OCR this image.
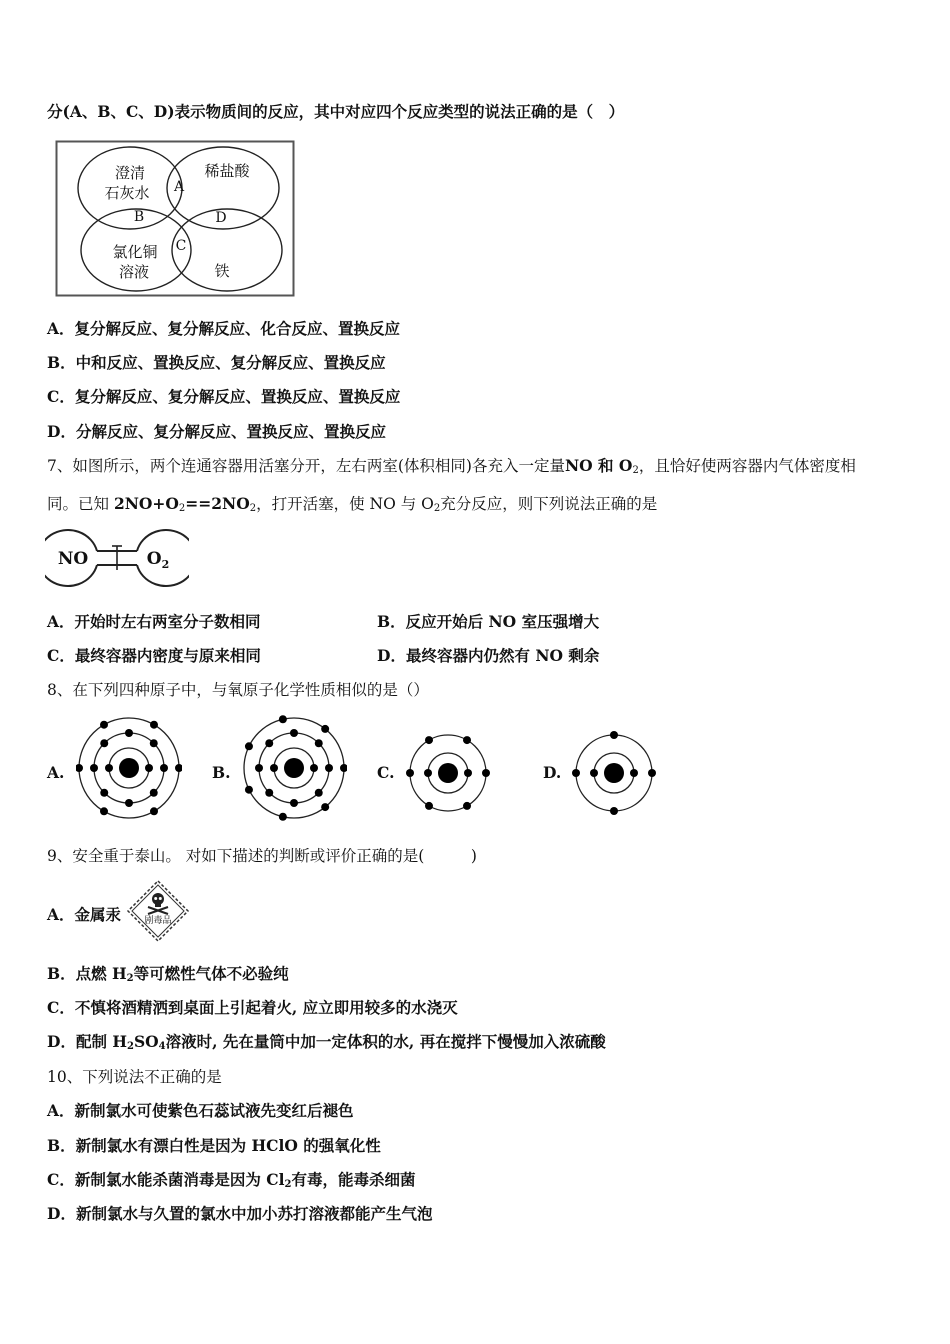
分(A、B、C、D)表示物质间的反应，其中对应四个反应类型的说法正确的是（　）
澄清
石灰水
稀盐酸
氯化铜
溶液	铁
A
B
C
D
A．复分解反应、复分解反应、化合反应、置换反应
B．中和反应、置换反应、复分解反应、置换反应
C．复分解反应、复分解反应、置换反应、置换反应
D．分解反应、复分解反应、置换反应、置换反应
7、如图所示，两个连通容器用活塞分开，左右两室(体积相同)各充入一定量NO 和 $O_2$，且恰好使两容器内气体密度相
同。已知 $2NO+O_2==2NO_2$，打开活塞，使 NO 与 $O_2$充分反应，则下列说法正确的是
NO	$O_2$
A．开始时左右两室分子数相同	B．反应开始后 NO 室压强增大
C．最终容器内密度与原来相同	D．最终容器内仍然有 NO 剩余
8、在下列四种原子中，与氧原子化学性质相似的是（）
A.	B.	C.	D.
9、安全重于泰山。 对如下描述的判断或评价正确的是(　　　)
A．金属汞	剧毒品
B．点燃 $H_2$等可燃性气体不必验纯
C．不慎将酒精洒到桌面上引起着火, 应立即用较多的水浇灭
D．配制 $H_2SO_4$溶液时, 先在量筒中加一定体积的水, 再在搅拌下慢慢加入浓硫酸
10、下列说法不正确的是
A．新制氯水可使紫色石蕊试液先变红后褪色
B．新制氯水有漂白性是因为 HClO 的强氧化性
C．新制氯水能杀菌消毒是因为 $Cl_2$有毒，能毒杀细菌
D．新制氯水与久置的氯水中加小苏打溶液都能产生气泡
